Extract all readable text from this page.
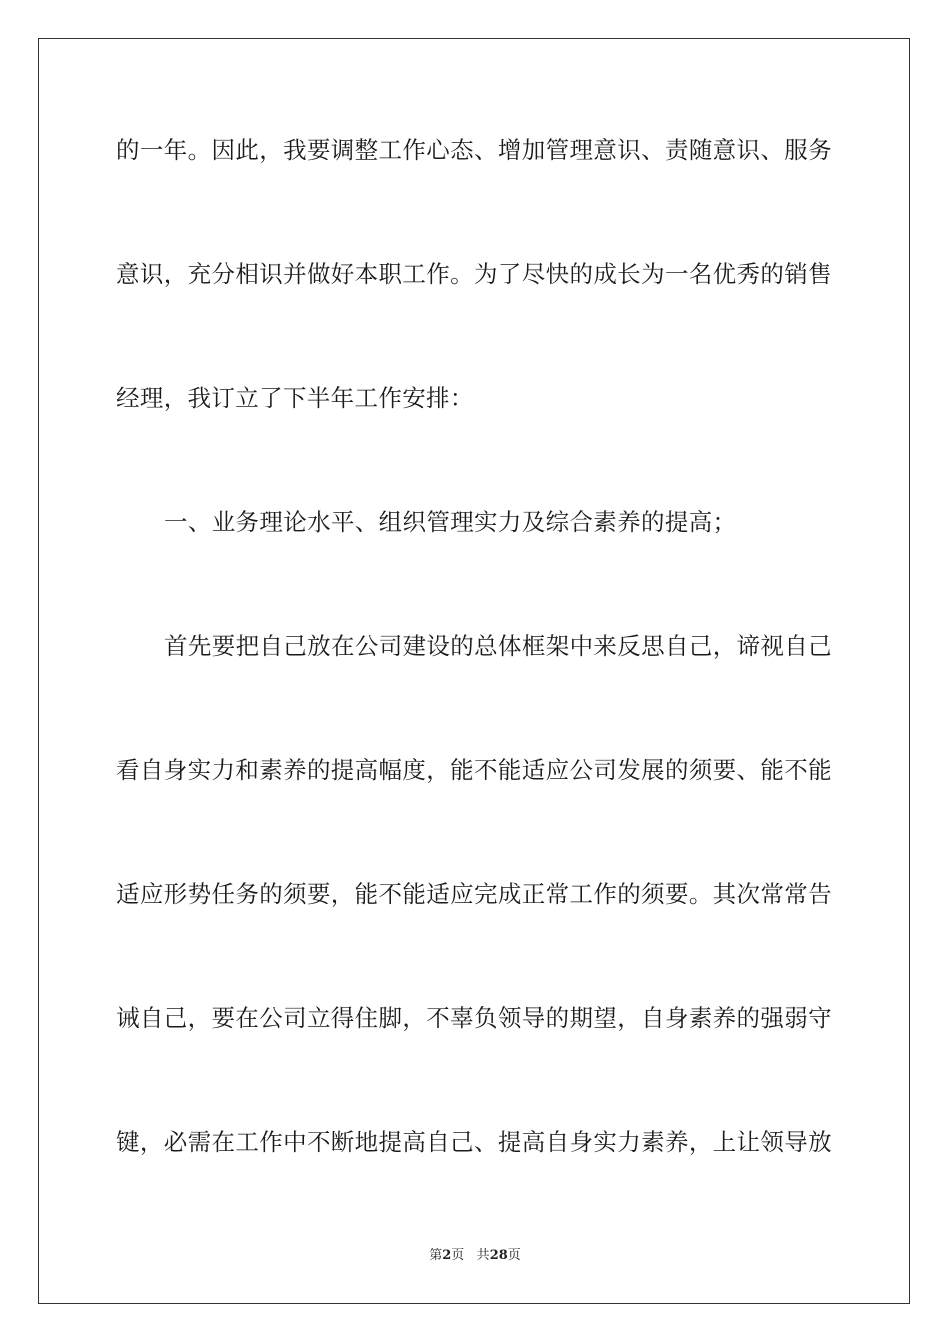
的一年。因此，我要调整工作心态、增加管理意识、责随意识、服务
意识，充分相识并做好本职工作。为了尽快的成长为一名优秀的销售
经理，我订立了下半年工作安排：
一、业务理论水平、组织管理实力及综合素养的提高；
首先要把自己放在公司建设的总体框架中来反思自己，谛视自己
看自身实力和素养的提高幅度，能不能适应公司发展的须要、能不能
适应形势任务的须要，能不能适应完成正常工作的须要。其次常常告
诫自己，要在公司立得住脚，不辜负领导的期望，自身素养的强弱守
键，必需在工作中不断地提高自己、提高自身实力素养，上让领导放
第2页 共28页
